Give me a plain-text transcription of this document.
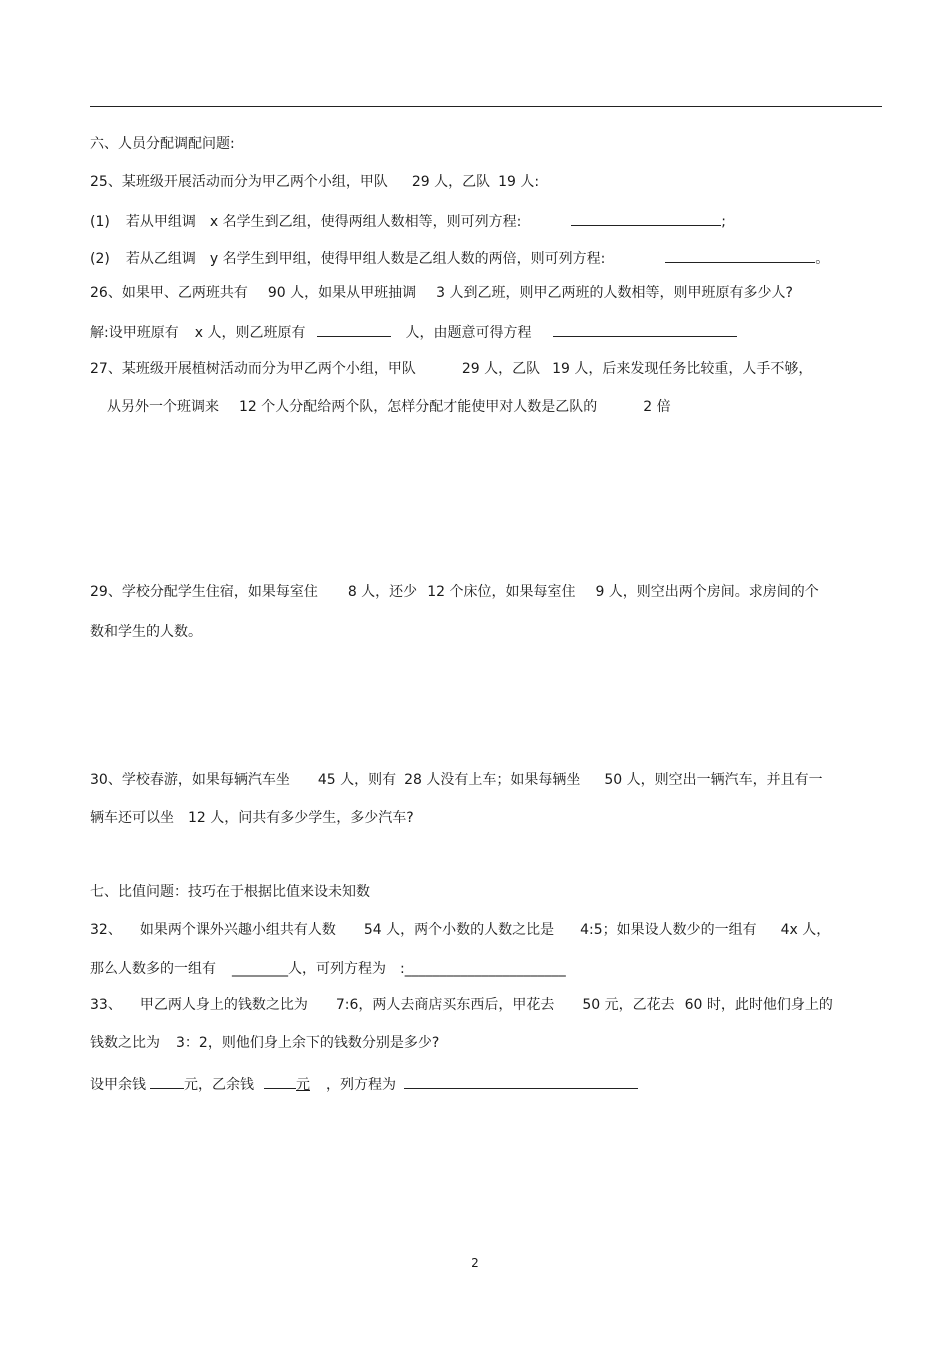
六、人员分配调配问题:
25、某班级开展活动而分为甲乙两个小组，甲队 29 人，乙队 19 人:
(1) 若从甲组调 x 名学生到乙组，使得两组人数相等，则可列方程:	;
(2) 若从乙组调 y 名学生到甲组，使得甲组人数是乙组人数的两倍，则可列方程:	。
26、如果甲、乙两班共有 90 人，如果从甲班抽调 3 人到乙班，则甲乙两班的人数相等，则甲班原有多少人?
解:设甲班原有 x 人，则乙班原有	人，由题意可得方程
27、某班级开展植树活动而分为甲乙两个小组，甲队	29 人，乙队 19 人，后来发现任务比较重，人手不够，
从另外一个班调来 12 个人分配给两个队，怎样分配才能使甲对人数是乙队的	2 倍
29、学校分配学生住宿，如果每室住 8 人，还少 12 个床位，如果每室住 9 人，则空出两个房间。求房间的个
数和学生的人数。
30、学校春游，如果每辆汽车坐 45 人，则有 28 人没有上车；如果每辆坐 50 人，则空出一辆汽车，并且有一
辆车还可以坐 12 人，问共有多少学生，多少汽车?
七、比值问题：技巧在于根据比值来设未知数
32、 如果两个课外兴趣小组共有人数 54 人，两个小数的人数之比是 4:5；如果设人数少的一组有 4x 人，
那么人数多的一组有 ________人，可列方程为 :_______________________
33、 甲乙两人身上的钱数之比为 7:6，两人去商店买东西后，甲花去 50 元，乙花去 60 时，此时他们身上的
钱数之比为 3：2，则他们身上余下的钱数分别是多少?
设甲余钱	元，乙余钱	元 ，列方程为
2
